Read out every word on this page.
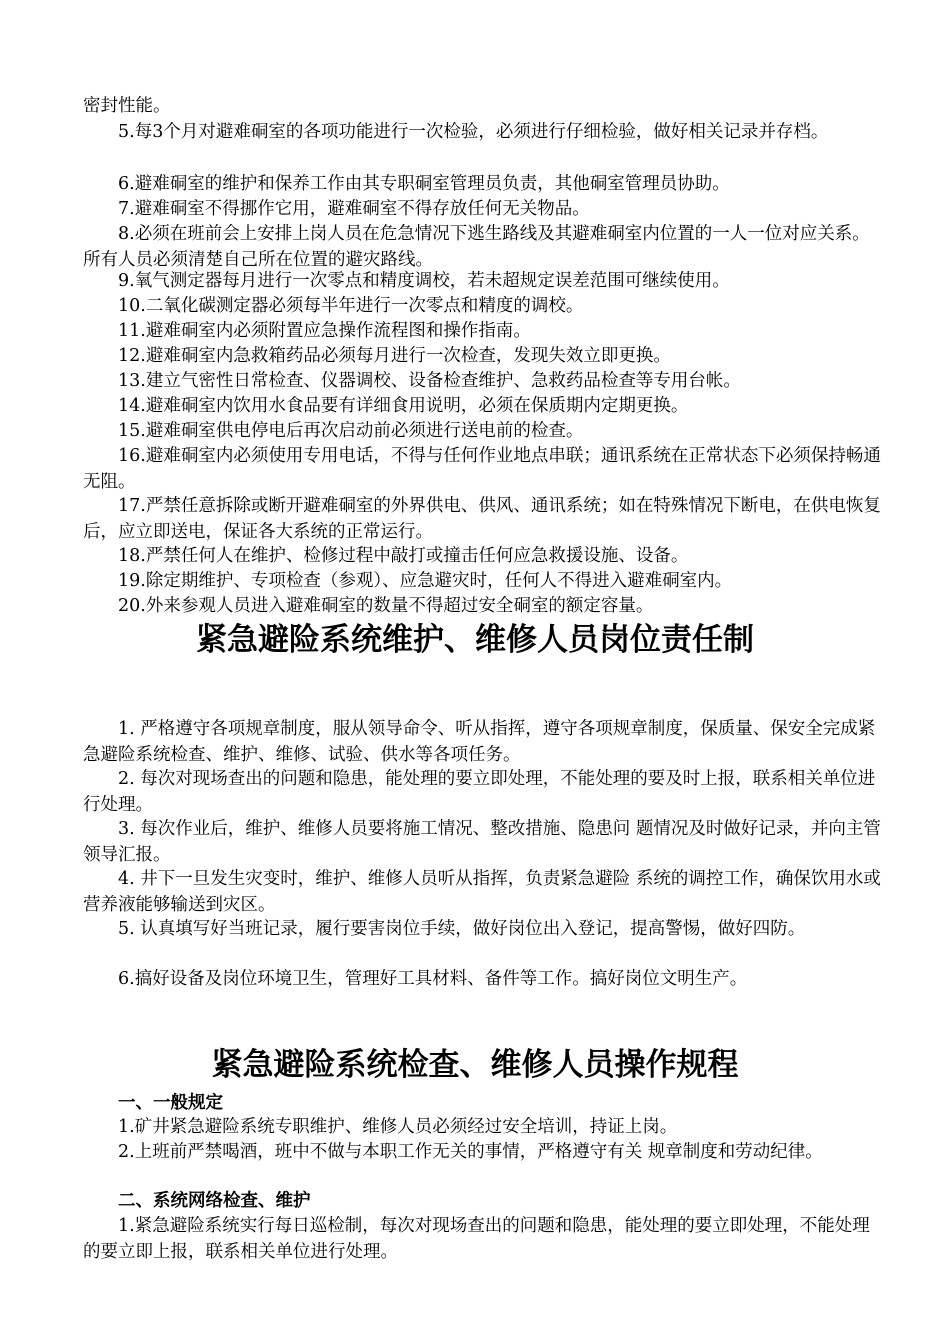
密封性能。

　　5.每3个月对避难硐室的各项功能进行一次检验，必须进行仔细检验，做好相关记录并存档。

　　6.避难硐室的维护和保养工作由其专职硐室管理员负责，其他硐室管理员协助。

　　7.避难硐室不得挪作它用，避难硐室不得存放任何无关物品。

　　8.必须在班前会上安排上岗人员在危急情况下逃生路线及其避难硐室内位置的一人一位对应关系。所有人员必须清楚自己所在位置的避灾路线。

　　9.氧气测定器每月进行一次零点和精度调校，若未超规定误差范围可继续使用。

　　10.二氧化碳测定器必须每半年进行一次零点和精度的调校。

　　11.避难硐室内必须附置应急操作流程图和操作指南。

　　12.避难硐室内急救箱药品必须每月进行一次检查，发现失效立即更换。

　　13.建立气密性日常检查、仪器调校、设备检查维护、急救药品检查等专用台帐。

　　14.避难硐室内饮用水食品要有详细食用说明，必须在保质期内定期更换。

　　15.避难硐室供电停电后再次启动前必须进行送电前的检查。

　　16.避难硐室内必须使用专用电话，不得与任何作业地点串联；通讯系统在正常状态下必须保持畅通无阻。

　　17.严禁任意拆除或断开避难硐室的外界供电、供风、通讯系统；如在特殊情况下断电，在供电恢复后，应立即送电，保证各大系统的正常运行。

　　18.严禁任何人在维护、检修过程中敲打或撞击任何应急救援设施、设备。

　　19.除定期维护、专项检查（参观）、应急避灾时，任何人不得进入避难硐室内。

　　20.外来参观人员进入避难硐室的数量不得超过安全硐室的额定容量。

紧急避险系统维护、维修人员岗位责任制

　　1. 严格遵守各项规章制度，服从领导命令、听从指挥，遵守各项规章制度，保质量、保安全完成紧急避险系统检查、维护、维修、试验、供水等各项任务。

　　2. 每次对现场查出的问题和隐患，能处理的要立即处理，不能处理的要及时上报，联系相关单位进行处理。

　　3. 每次作业后，维护、维修人员要将施工情况、整改措施、隐患问 题情况及时做好记录，并向主管领导汇报。

　　4. 井下一旦发生灾变时，维护、维修人员听从指挥，负责紧急避险 系统的调控工作，确保饮用水或营养液能够输送到灾区。

　　5. 认真填写好当班记录，履行要害岗位手续，做好岗位出入登记，提高警惕，做好四防。

　　6.搞好设备及岗位环境卫生，管理好工具材料、备件等工作。搞好岗位文明生产。

紧急避险系统检查、维修人员操作规程

　　一、一般规定

　　1.矿井紧急避险系统专职维护、维修人员必须经过安全培训，持证上岗。

　　2.上班前严禁喝酒，班中不做与本职工作无关的事情，严格遵守有关 规章制度和劳动纪律。

　　二、系统网络检查、维护

　　1.紧急避险系统实行每日巡检制，每次对现场查出的问题和隐患，能处理的要立即处理，不能处理的要立即上报，联系相关单位进行处理。
